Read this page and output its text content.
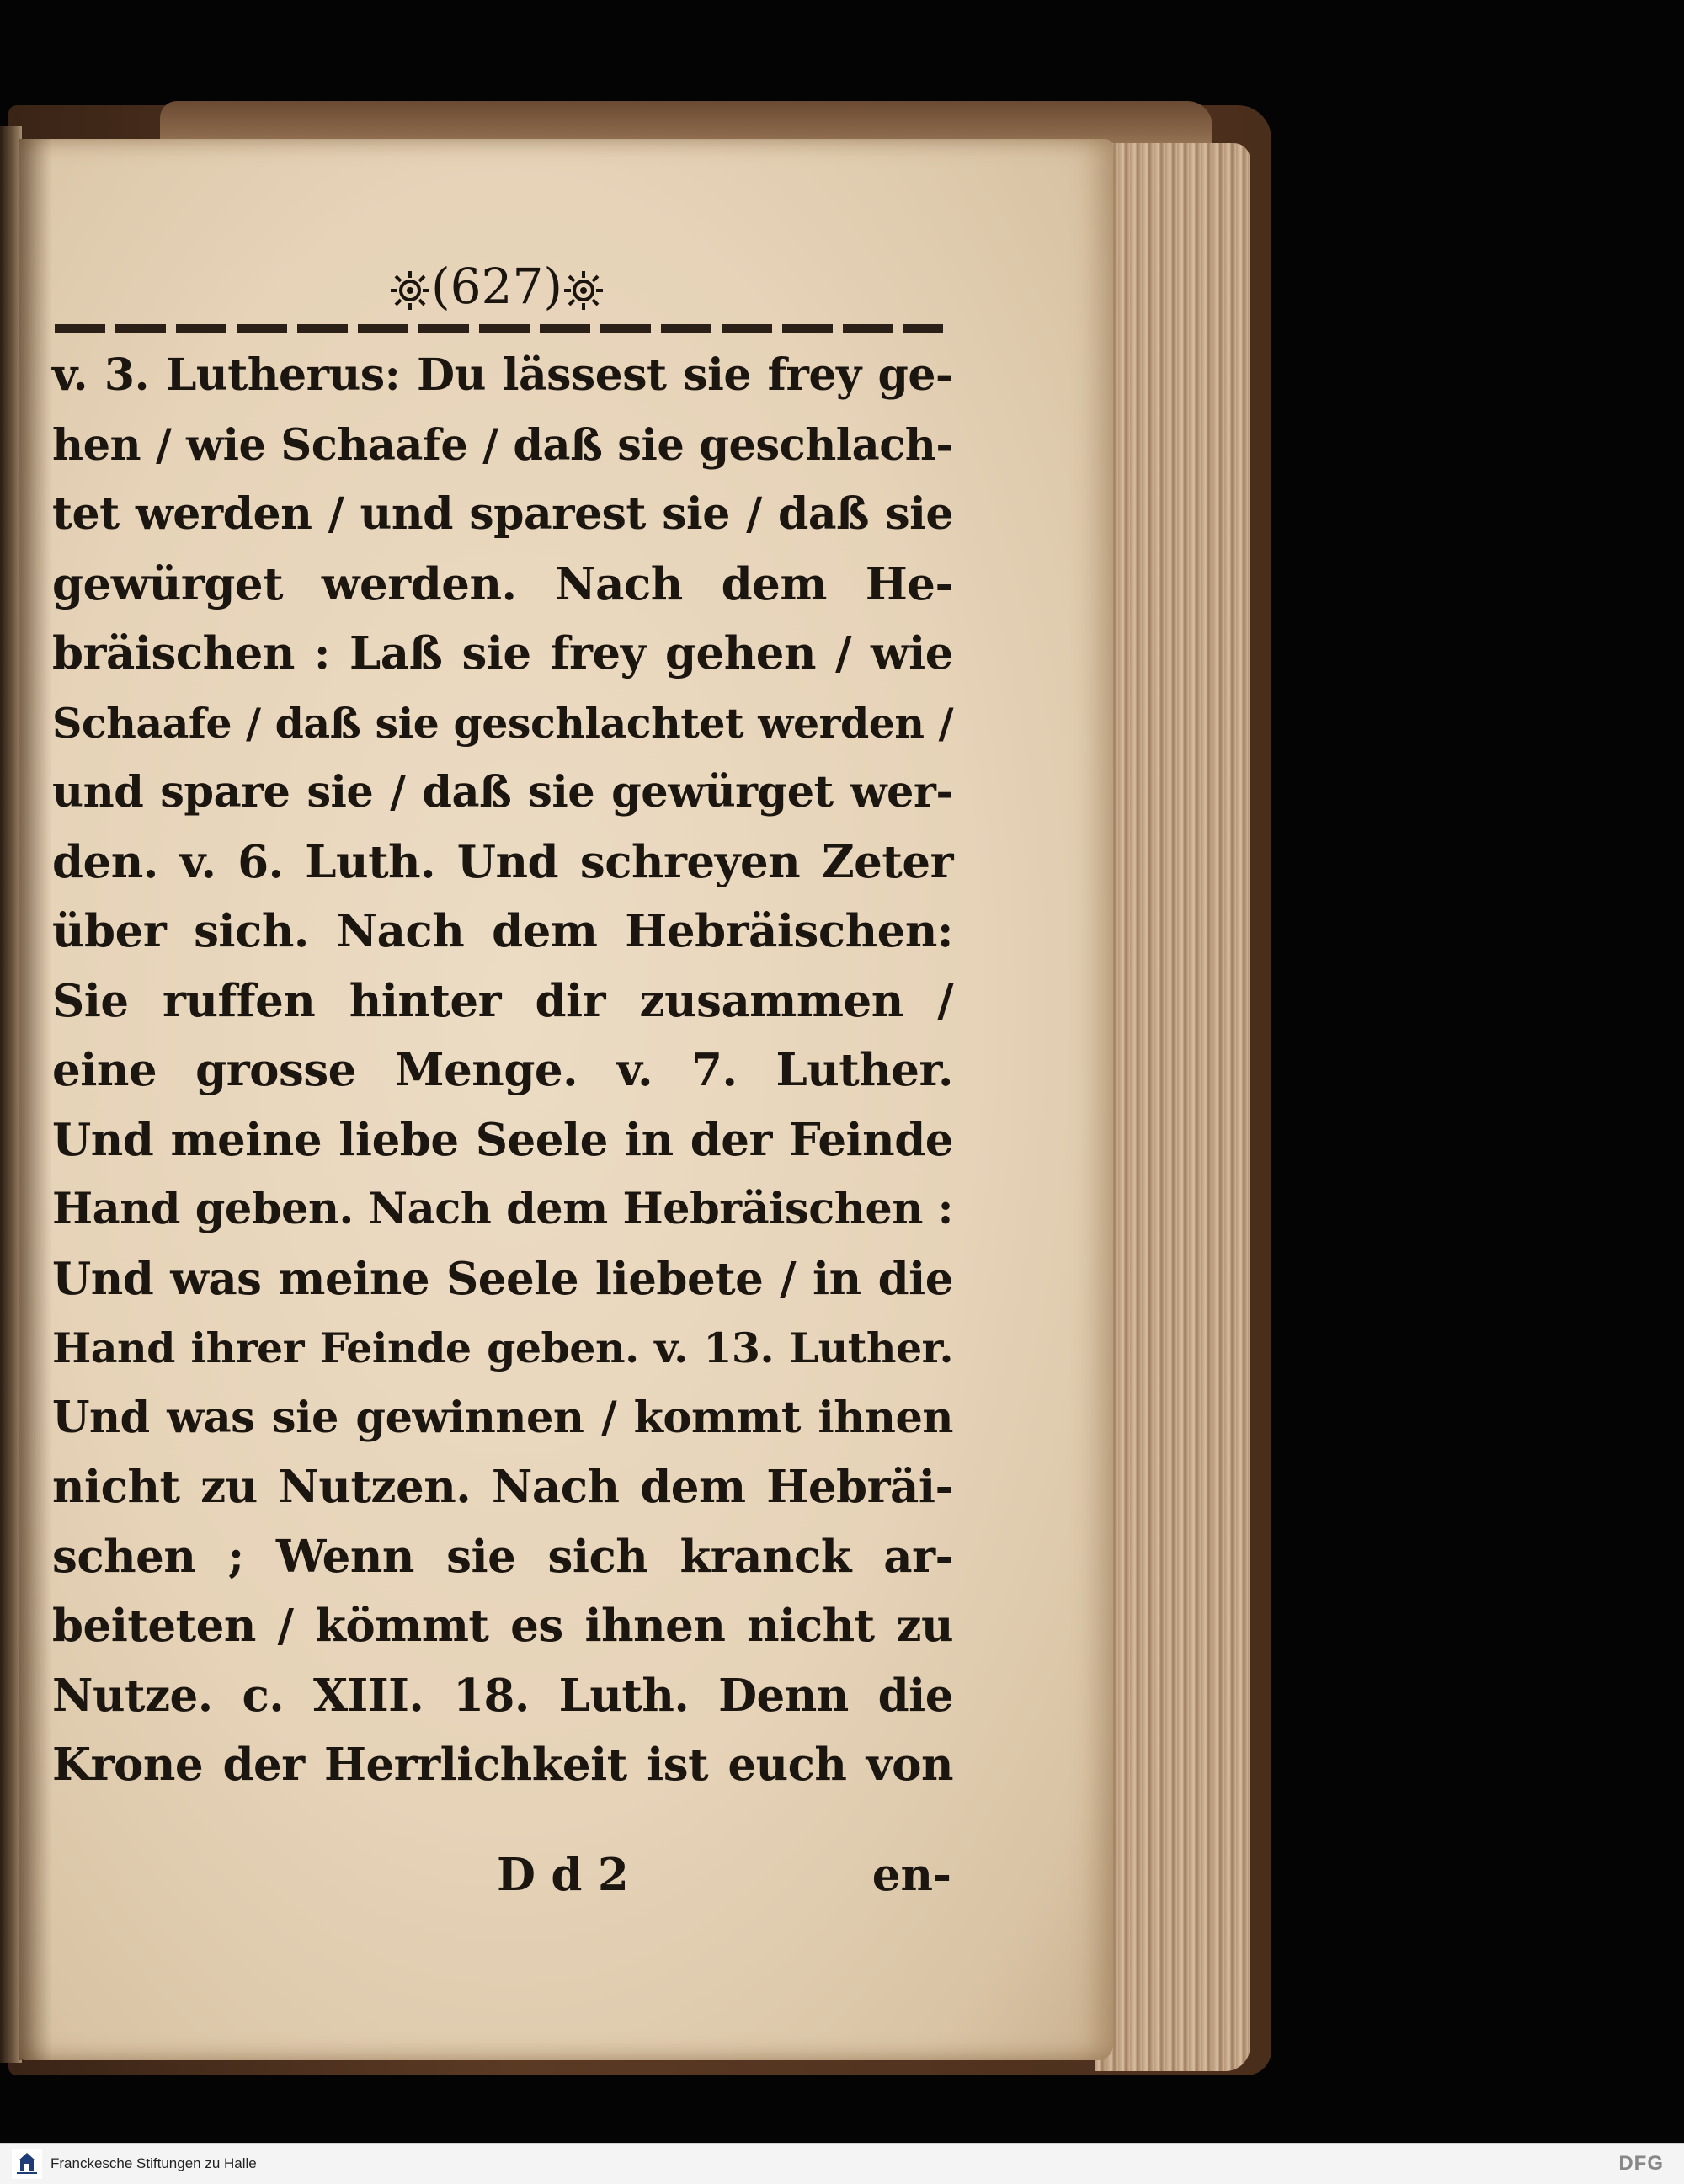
(627)
v. 3. Lutherus: Du lässest sie frey ge-
hen / wie Schaafe / daß sie geschlach-
tet werden / und sparest sie / daß sie
gewürget werden. Nach dem He-
bräischen : Laß sie frey gehen / wie
Schaafe / daß sie geschlachtet werden /
und spare sie / daß sie gewürget wer-
den. v. 6. Luth. Und schreyen Zeter
über sich. Nach dem Hebräischen:
Sie ruffen hinter dir zusammen /
eine grosse Menge. v. 7. Luther.
Und meine liebe Seele in der Feinde
Hand geben. Nach dem Hebräischen :
Und was meine Seele liebete / in die
Hand ihrer Feinde geben. v. 13. Luther.
Und was sie gewinnen / kommt ihnen
nicht zu Nutzen. Nach dem Hebräi-
schen ; Wenn sie sich kranck ar-
beiteten / kömmt es ihnen nicht zu
Nutze. c. XIII. 18. Luth. Denn die
Krone der Herrlichkeit ist euch von
D d 2	en-
Franckesche Stiftungen zu Halle	DFG
